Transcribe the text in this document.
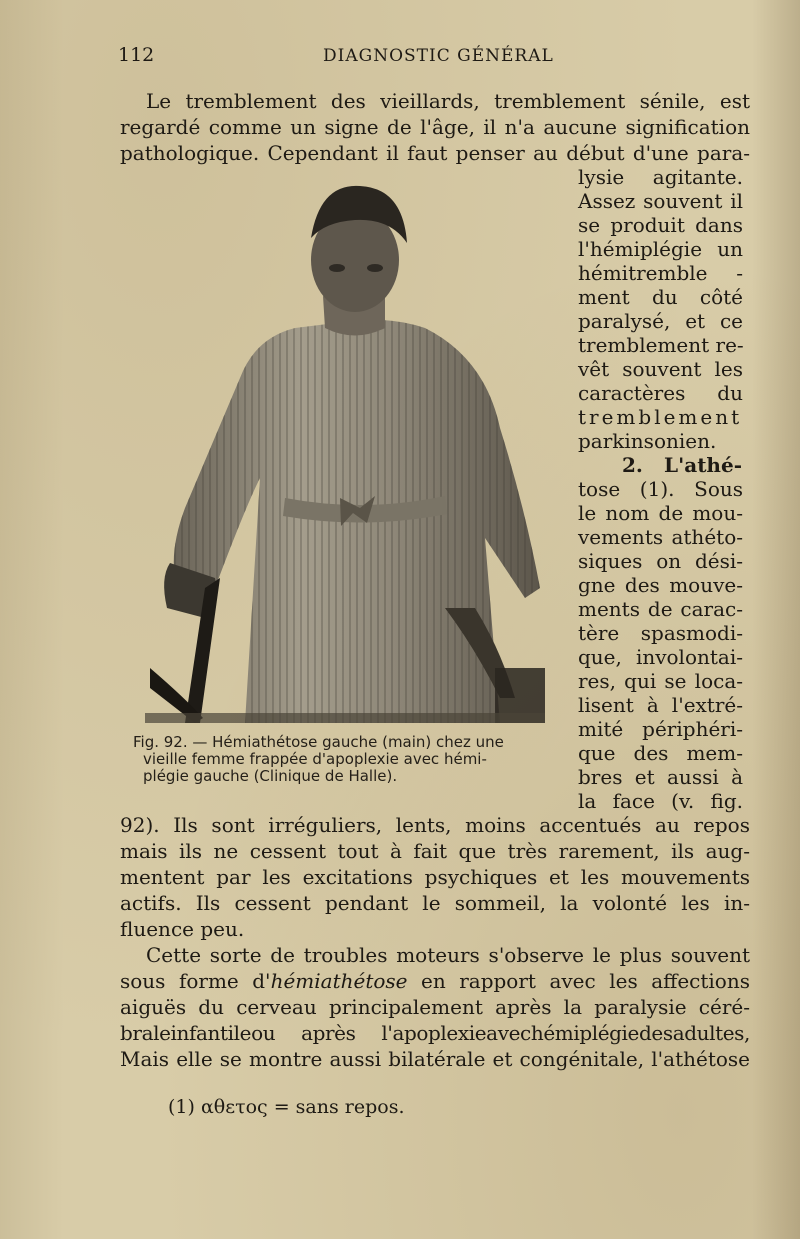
112	DIAGNOSTIC GÉNÉRAL
Le tremblement des vieillards, tremblement sénile, est
regardé comme un signe de l'âge, il n'a aucune signification
pathologique. Cependant il faut penser au début d'une para-
lysie agitante.
Assez souvent il
se produit dans
l'hémiplégie un
hémitremble -
ment du côté
paralysé, et ce
tremblement re-
vêt souvent les
caractères du
tremblement
parkinsonien.
2. L'athé-
tose (1). Sous
le nom de mou-
vements athéto-
siques on dési-
gne des mouve-
ments de carac-
tère spasmodi-
que, involontai-
res, qui se loca-
lisent à l'extré-
mité périphéri-
que des mem-
bres et aussi à
la face (v. fig.
Fig. 92. — Hémiathétose gauche (main) chez une
vieille femme frappée d'apoplexie avec hémi-
plégie gauche (Clinique de Halle).
92). Ils sont irréguliers, lents, moins accentués au repos
mais ils ne cessent tout à fait que très rarement, ils aug-
mentent par les excitations psychiques et les mouvements
actifs. Ils cessent pendant le sommeil, la volonté les in-
fluence peu.
Cette sorte de troubles moteurs s'observe le plus souvent
sous forme d'hémiathétose en rapport avec les affections
aiguës du cerveau principalement après la paralysie céré-
braleinfantileou après l'apoplexieavechémiplégiedesadultes,
Mais elle se montre aussi bilatérale et congénitale, l'athétose
(1) αθετος = sans repos.
